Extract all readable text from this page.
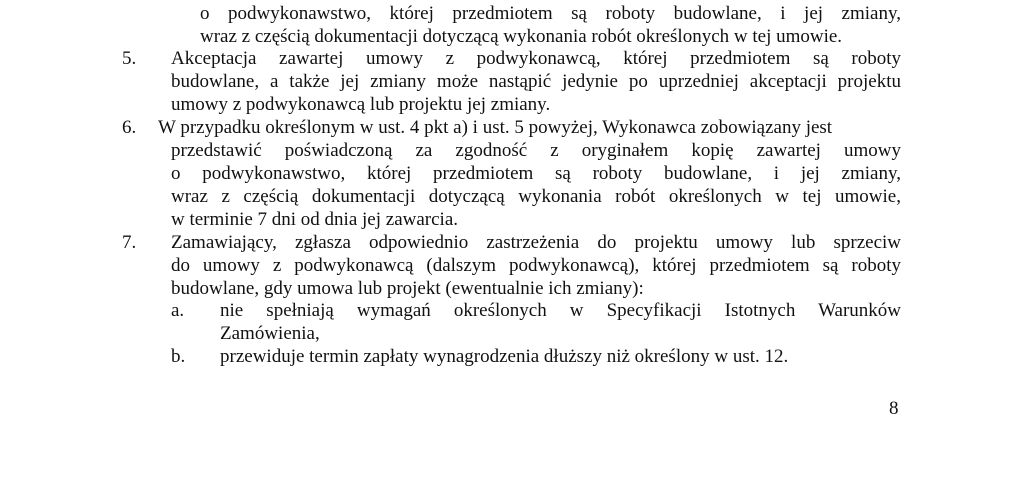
o podwykonawstwo, której przedmiotem są roboty budowlane, i jej zmiany,
wraz z częścią dokumentacji dotyczącą wykonania robót określonych w tej umowie.
5. Akceptacja zawartej umowy z podwykonawcą, której przedmiotem są roboty
budowlane, a także jej zmiany może nastąpić jedynie po uprzedniej akceptacji projektu
umowy z podwykonawcą lub projektu jej zmiany.
6. W przypadku określonym w ust. 4 pkt a) i ust. 5 powyżej, Wykonawca zobowiązany jest
przedstawić poświadczoną za zgodność z oryginałem kopię zawartej umowy
o podwykonawstwo, której przedmiotem są roboty budowlane, i jej zmiany,
wraz z częścią dokumentacji dotyczącą wykonania robót określonych w tej umowie,
w terminie 7 dni od dnia jej zawarcia.
7. Zamawiający, zgłasza odpowiednio zastrzeżenia do projektu umowy lub sprzeciw
do umowy z podwykonawcą (dalszym podwykonawcą), której przedmiotem są roboty
budowlane, gdy umowa lub projekt (ewentualnie ich zmiany):
a. nie spełniają wymagań określonych w Specyfikacji Istotnych Warunków
Zamówienia,
b. przewiduje termin zapłaty wynagrodzenia dłuższy niż określony w ust. 12.
8
